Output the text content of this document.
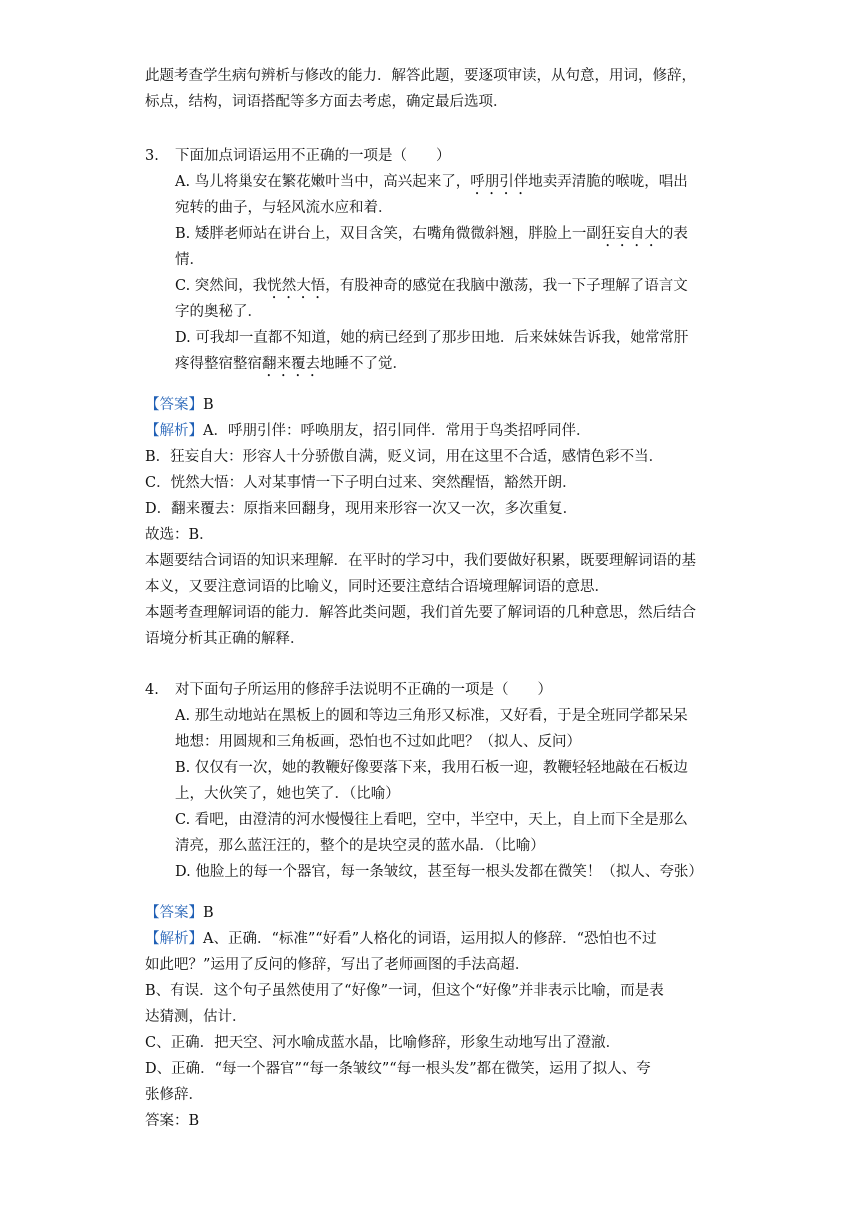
此题考查学生病句辨析与修改的能力．解答此题，要逐项审读，从句意，用词，修辞，

标点，结构，词语搭配等多方面去考虑，确定最后选项．

3. 下面加点词语运用不正确的一项是（　　）

A. 鸟儿将巢安在繁花嫩叶当中，高兴起来了，呼朋引伴地卖弄清脆的喉咙，唱出

宛转的曲子，与轻风流水应和着．

B. 矮胖老师站在讲台上，双目含笑，右嘴角微微斜翘，胖脸上一副狂妄自大的表

情．

C. 突然间，我恍然大悟，有股神奇的感觉在我脑中激荡，我一下子理解了语言文

字的奥秘了．

D. 可我却一直都不知道，她的病已经到了那步田地．后来妹妹告诉我，她常常肝

疼得整宿整宿翻来覆去地睡不了觉．

【答案】B

【解析】A．呼朋引伴：呼唤朋友，招引同伴．常用于鸟类招呼同伴．

B．狂妄自大：形容人十分骄傲自满，贬义词，用在这里不合适，感情色彩不当．

C．恍然大悟：人对某事情一下子明白过来、突然醒悟，豁然开朗．

D．翻来覆去：原指来回翻身，现用来形容一次又一次，多次重复．

故选：B．

本题要结合词语的知识来理解．在平时的学习中，我们要做好积累，既要理解词语的基

本义，又要注意词语的比喻义，同时还要注意结合语境理解词语的意思．

本题考查理解词语的能力．解答此类问题，我们首先要了解词语的几种意思，然后结合

语境分析其正确的解释．

4. 对下面句子所运用的修辞手法说明不正确的一项是（　　）

A. 那生动地站在黑板上的圆和等边三角形又标准，又好看，于是全班同学都呆呆

地想：用圆规和三角板画，恐怕也不过如此吧？（拟人、反问）

B. 仅仅有一次，她的教鞭好像要落下来，我用石板一迎，教鞭轻轻地敲在石板边

上，大伙笑了，她也笑了．（比喻）

C. 看吧，由澄清的河水慢慢往上看吧，空中，半空中，天上，自上而下全是那么

清亮，那么蓝汪汪的，整个的是块空灵的蓝水晶．（比喻）

D. 他脸上的每一个器官，每一条皱纹，甚至每一根头发都在微笑！（拟人、夸张）

【答案】B

【解析】A、正确．“标准”“好看”人格化的词语，运用拟人的修辞．“恐怕也不过

如此吧？”运用了反问的修辞，写出了老师画图的手法高超．

B、有误．这个句子虽然使用了“好像”一词，但这个“好像”并非表示比喻，而是表

达猜测，估计．

C、正确．把天空、河水喻成蓝水晶，比喻修辞，形象生动地写出了澄澈．

D、正确．“每一个器官”“每一条皱纹”“每一根头发”都在微笑，运用了拟人、夸

张修辞．

答案：B
